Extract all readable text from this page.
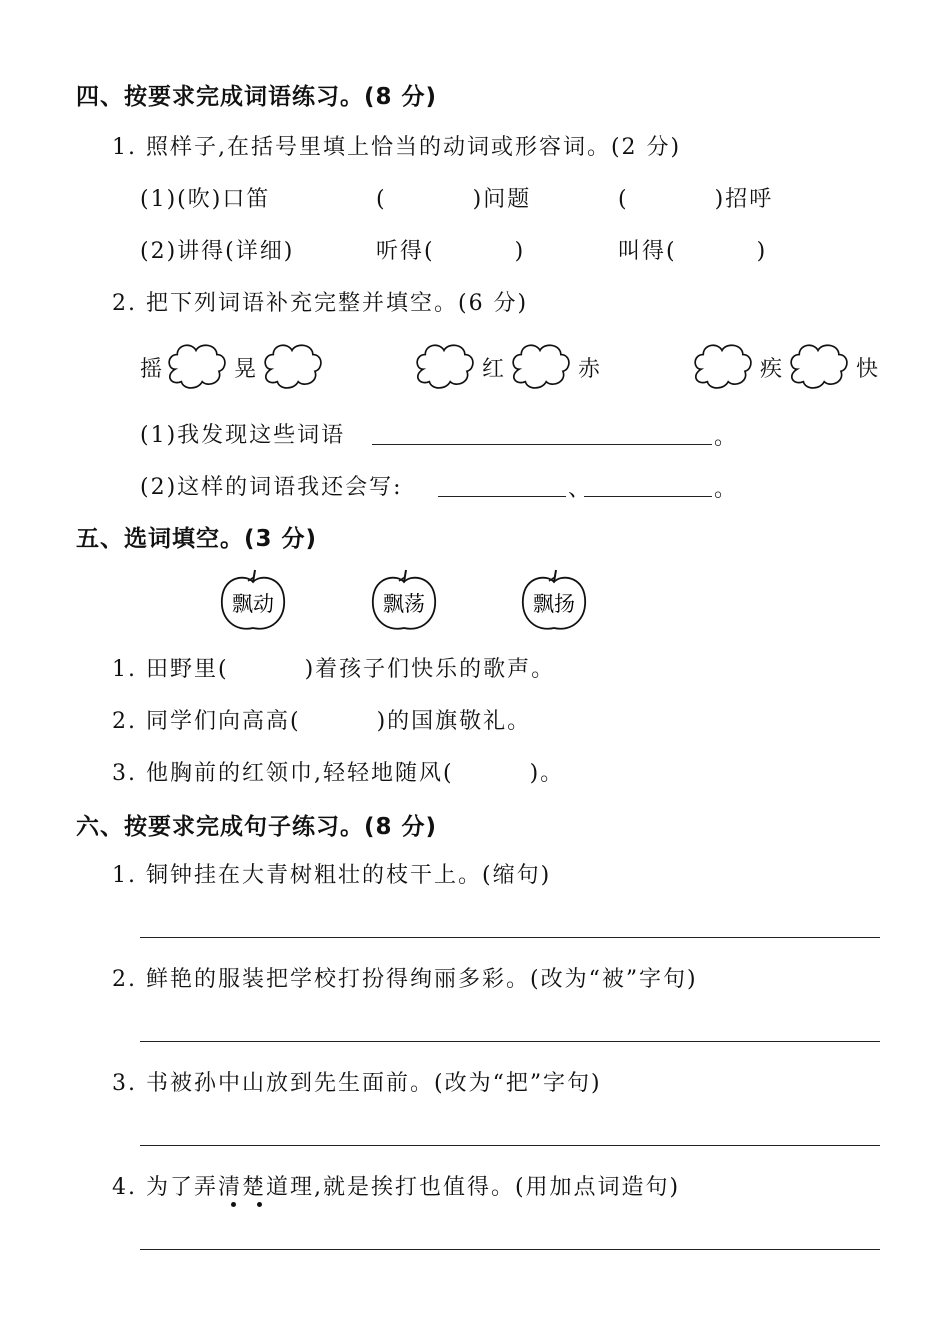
四、按要求完成词语练习。(8 分)
1. 照样子,在括号里填上恰当的动词或形容词。(2 分)
(1)(吹)口笛	(	)问题	(	)招呼
(2)讲得(详细)	听得(	)	叫得(	)
2. 把下列词语补充完整并填空。(6 分)
摇	晃	红	赤	疾	快
(1)我发现这些词语	。
(2)这样的词语我还会写:	、	。
五、选词填空。(3 分)
飘动	飘荡	飘扬
1. 田野里(	)着孩子们快乐的歌声。
2. 同学们向高高(	)的国旗敬礼。
3. 他胸前的红领巾,轻轻地随风(	)。
六、按要求完成句子练习。(8 分)
1. 铜钟挂在大青树粗壮的枝干上。(缩句)
2. 鲜艳的服装把学校打扮得绚丽多彩。(改为“被”字句)
3. 书被孙中山放到先生面前。(改为“把”字句)
4. 为了弄清楚道理,就是挨打也值得。(用加点词造句)
